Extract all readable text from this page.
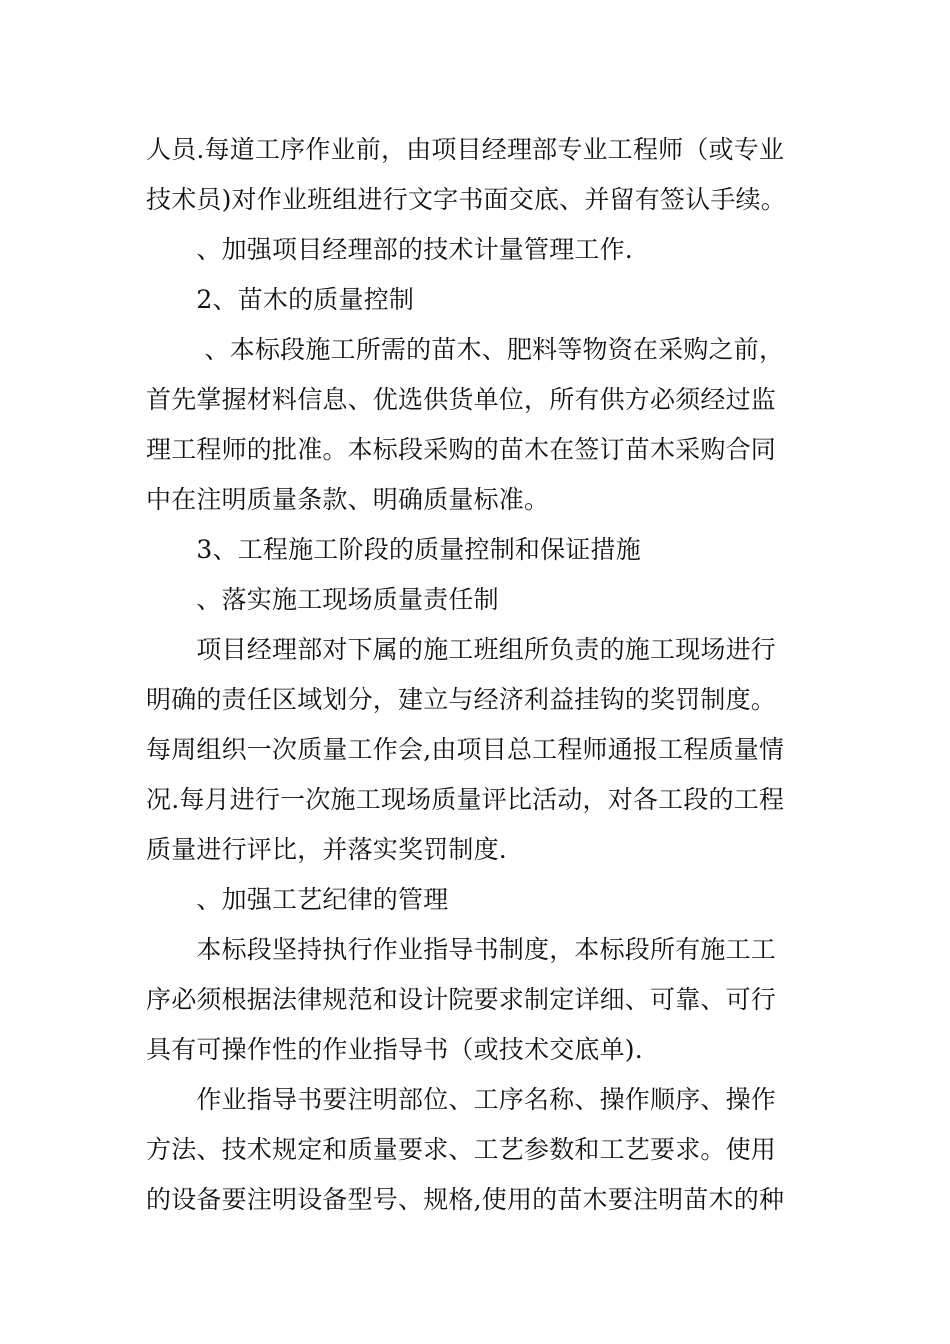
人员.每道工序作业前，由项目经理部专业工程师（或专业

技术员)对作业班组进行文字书面交底、并留有签认手续。

　　、加强项目经理部的技术计量管理工作.

　　2、苗木的质量控制

　　 、本标段施工所需的苗木、肥料等物资在采购之前，

首先掌握材料信息、优选供货单位，所有供方必须经过监

理工程师的批准。本标段采购的苗木在签订苗木采购合同

中在注明质量条款、明确质量标准。

　　3、工程施工阶段的质量控制和保证措施

　　、落实施工现场质量责任制

　　项目经理部对下属的施工班组所负责的施工现场进行

明确的责任区域划分，建立与经济利益挂钩的奖罚制度。

每周组织一次质量工作会,由项目总工程师通报工程质量情

况.每月进行一次施工现场质量评比活动，对各工段的工程

质量进行评比，并落实奖罚制度.

　　、加强工艺纪律的管理

　　本标段坚持执行作业指导书制度，本标段所有施工工

序必须根据法律规范和设计院要求制定详细、可靠、可行

具有可操作性的作业指导书（或技术交底单).

　　作业指导书要注明部位、工序名称、操作顺序、操作

方法、技术规定和质量要求、工艺参数和工艺要求。使用

的设备要注明设备型号、规格,使用的苗木要注明苗木的种
